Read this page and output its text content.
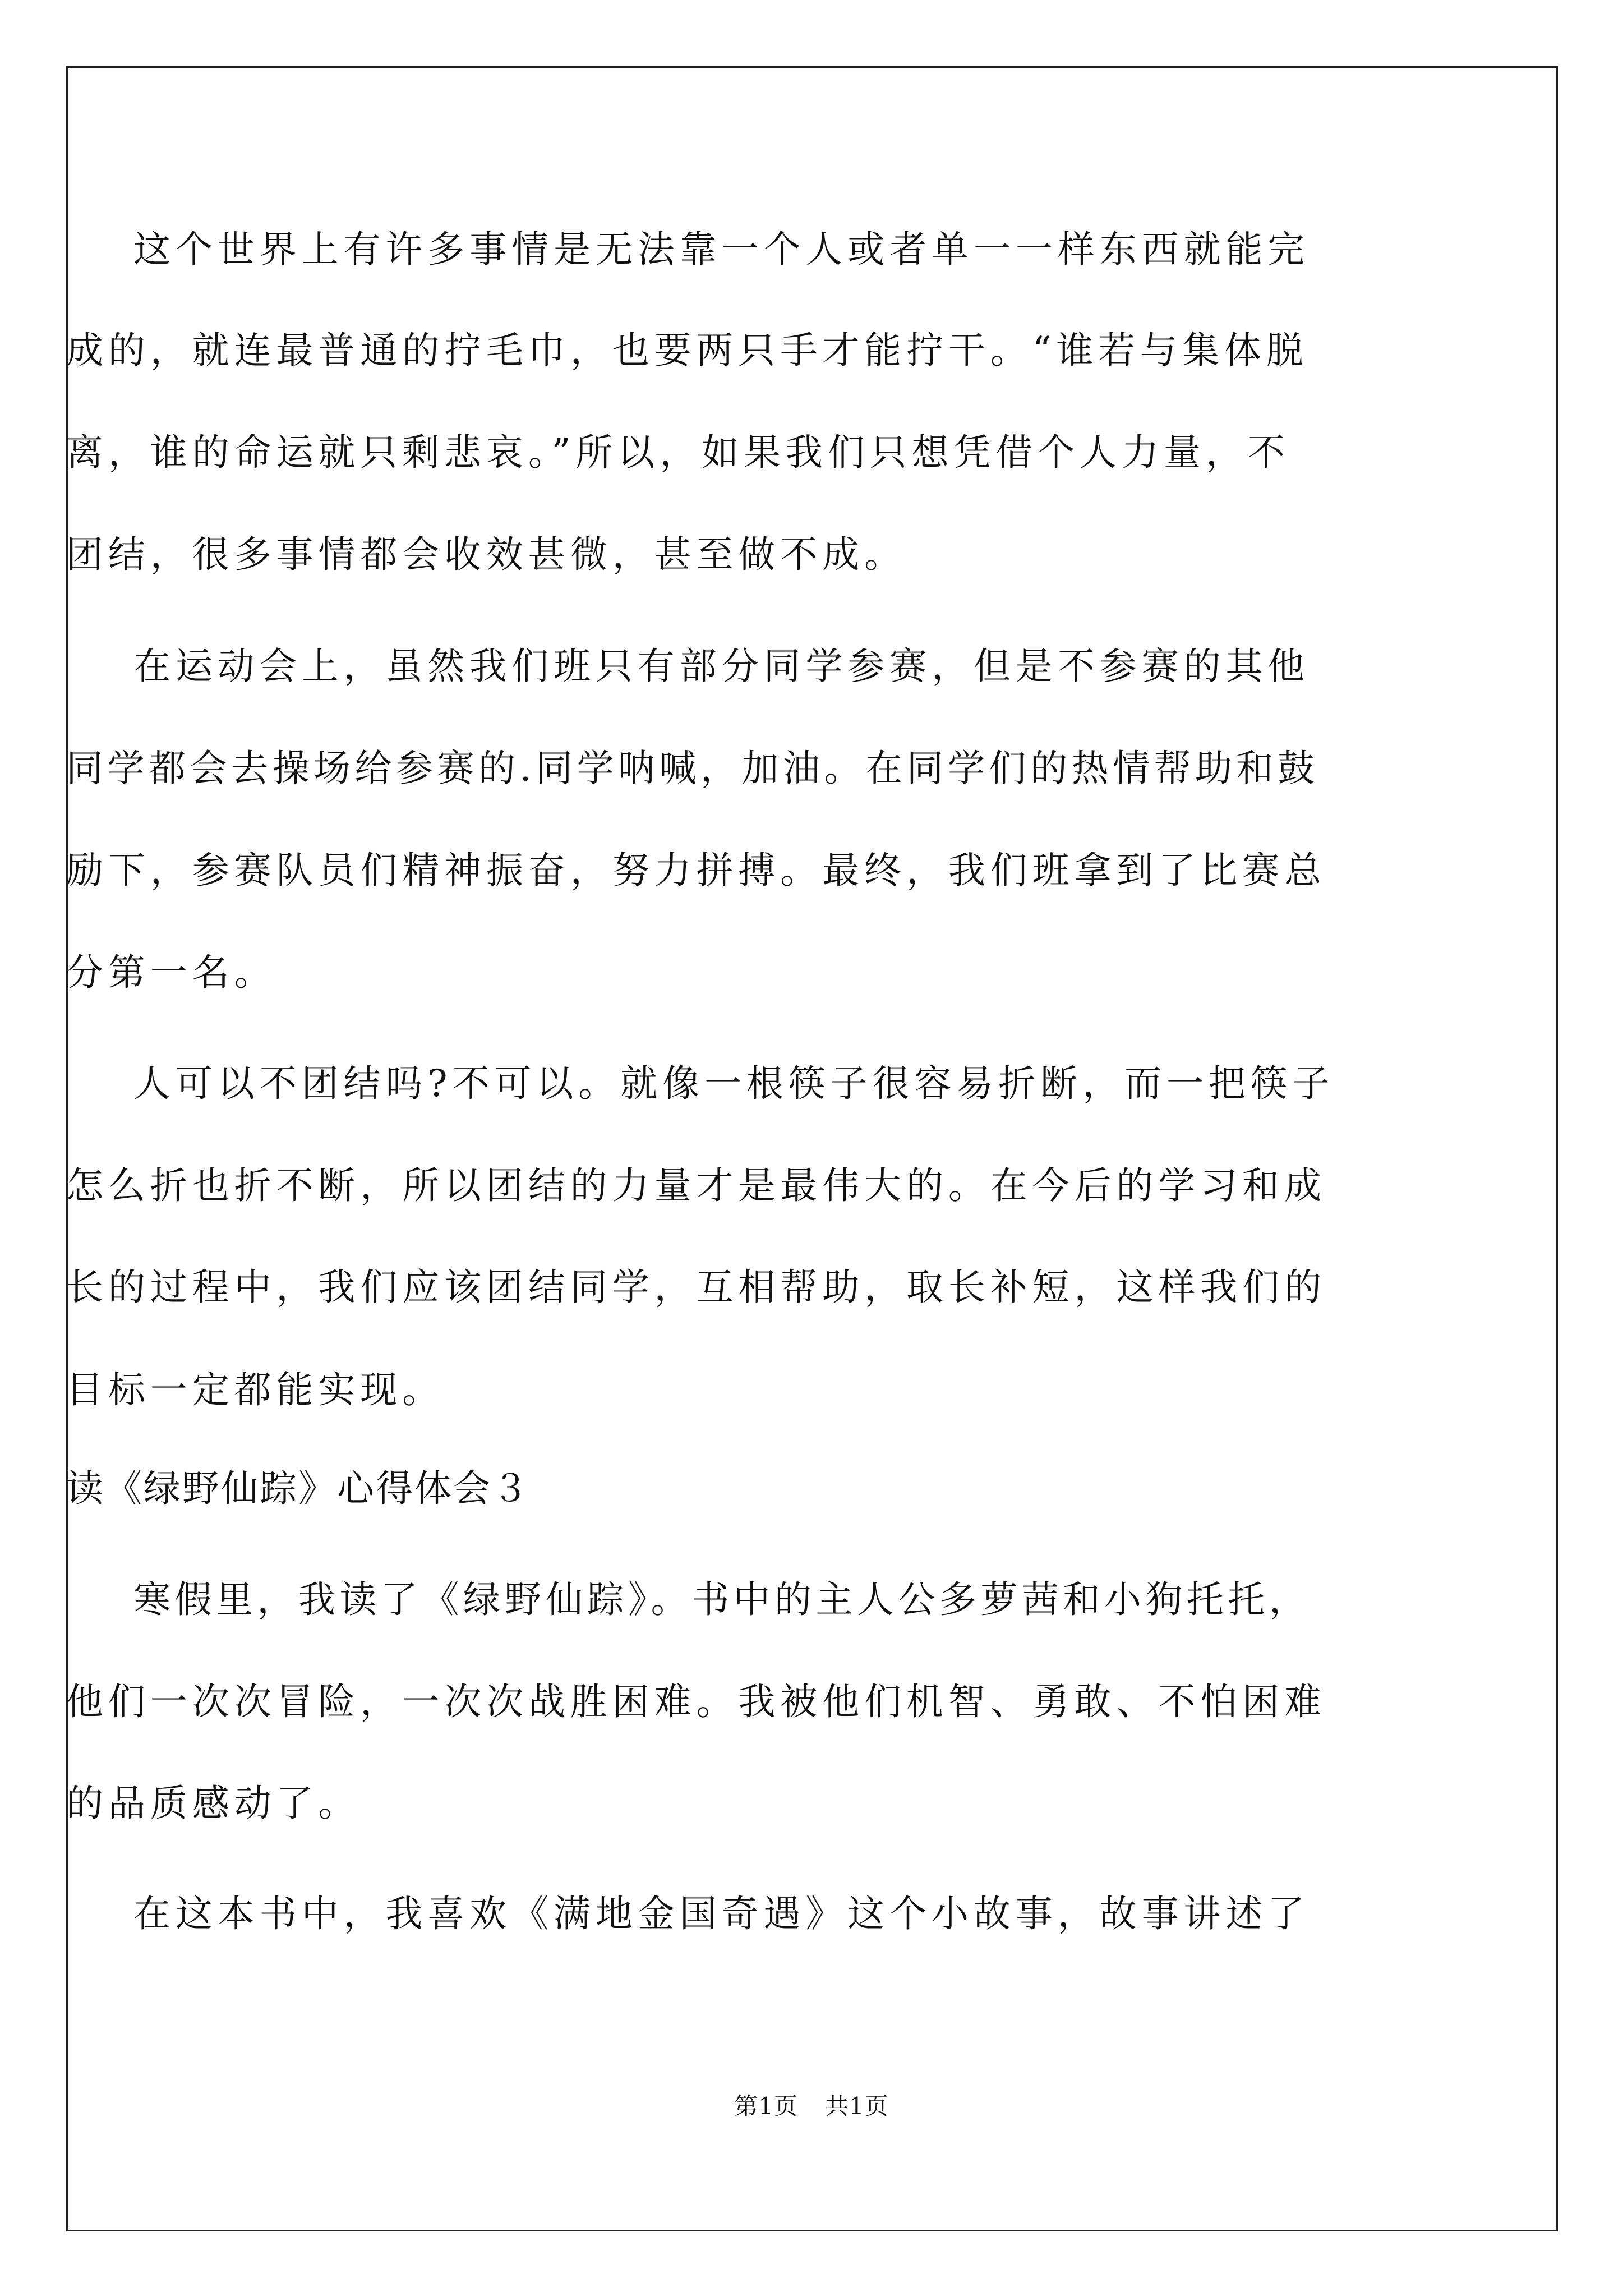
这个世界上有许多事情是无法靠一个人或者单一一样东西就能完
成的，就连最普通的拧毛巾，也要两只手才能拧干。“谁若与集体脱
离，谁的命运就只剩悲哀。”所以，如果我们只想凭借个人力量，不
团结，很多事情都会收效甚微，甚至做不成。
在运动会上，虽然我们班只有部分同学参赛，但是不参赛的其他
同学都会去操场给参赛的.同学呐喊，加油。在同学们的热情帮助和鼓
励下，参赛队员们精神振奋，努力拼搏。最终，我们班拿到了比赛总
分第一名。
人可以不团结吗?不可以。就像一根筷子很容易折断，而一把筷子
怎么折也折不断，所以团结的力量才是最伟大的。在今后的学习和成
长的过程中，我们应该团结同学，互相帮助，取长补短，这样我们的
目标一定都能实现。
读《绿野仙踪》心得体会３
寒假里，我读了《绿野仙踪》。书中的主人公多萝茜和小狗托托，
他们一次次冒险，一次次战胜困难。我被他们机智、勇敢、不怕困难
的品质感动了。
在这本书中，我喜欢《满地金国奇遇》这个小故事，故事讲述了
第1页 共1页
